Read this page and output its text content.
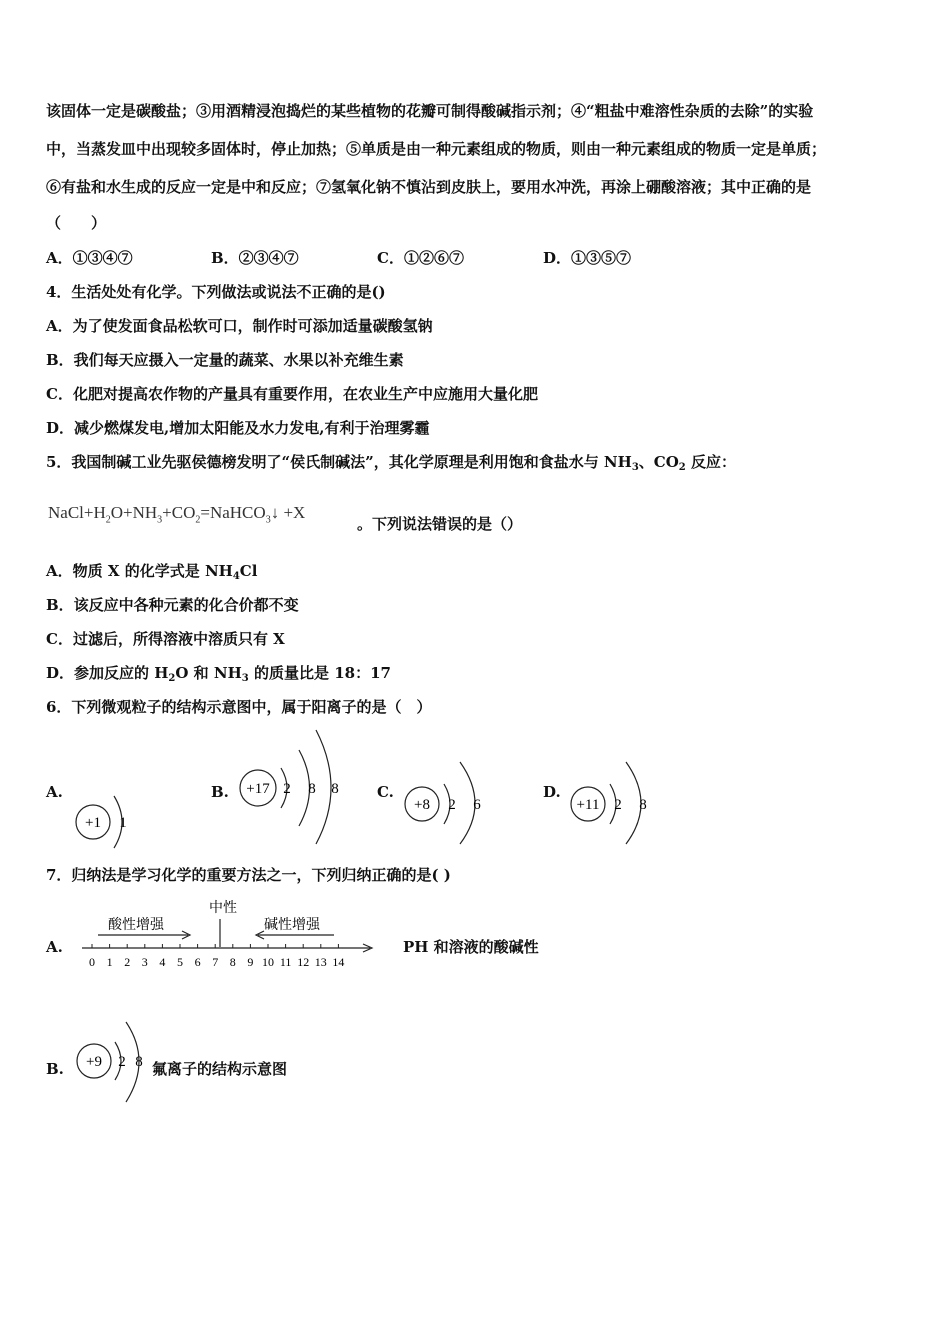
该固体一定是碳酸盐；③用酒精浸泡捣烂的某些植物的花瓣可制得酸碱指示剂；④“粗盐中难溶性杂质的去除”的实验
中，当蒸发皿中出现较多固体时，停止加热；⑤单质是由一种元素组成的物质，则由一种元素组成的物质一定是单质；
⑥有盐和水生成的反应一定是中和反应；⑦氢氧化钠不慎沾到皮肤上，要用水冲洗，再涂上硼酸溶液；其中正确的是
（　　）
A．①③④⑦	B．②③④⑦	C．①②⑥⑦	D．①③⑤⑦
4．生活处处有化学。下列做法或说法不正确的是()
A．为了使发面食品松软可口，制作时可添加适量碳酸氢钠
B．我们每天应摄入一定量的蔬菜、水果以补充维生素
C．化肥对提高农作物的产量具有重要作用，在农业生产中应施用大量化肥
D．减少燃煤发电,增加太阳能及水力发电,有利于治理雾霾
5．我国制碱工业先驱侯德榜发明了“侯氏制碱法”，其化学原理是利用饱和食盐水与 $NH_3$、$CO_2$ 反应：
$NaCl+H_2O+NH_3+CO_2=NaHCO_3↓ +X$
。下列说法错误的是（）
A．物质 X 的化学式是 $NH_4Cl$
B．该反应中各种元素的化合价都不变
C．过滤后，所得溶液中溶质只有 X
D．参加反应的 $H_2O$ 和 $NH_3$ 的质量比是 18：17
6．下列微观粒子的结构示意图中，属于阳离子的是（　）
A.
+1 1
B. +17 2 8 8	C.
+8 2 6
D.
+11 2 8
7．归纳法是学习化学的重要方法之一，下列归纳正确的是( )
A.
中性
酸性增强	碱性增强
0 1 2 3 4 5 6 7 8 9 10 11 12 13 14
PH 和溶液的酸碱性
B. +9 2 8 氟离子的结构示意图
